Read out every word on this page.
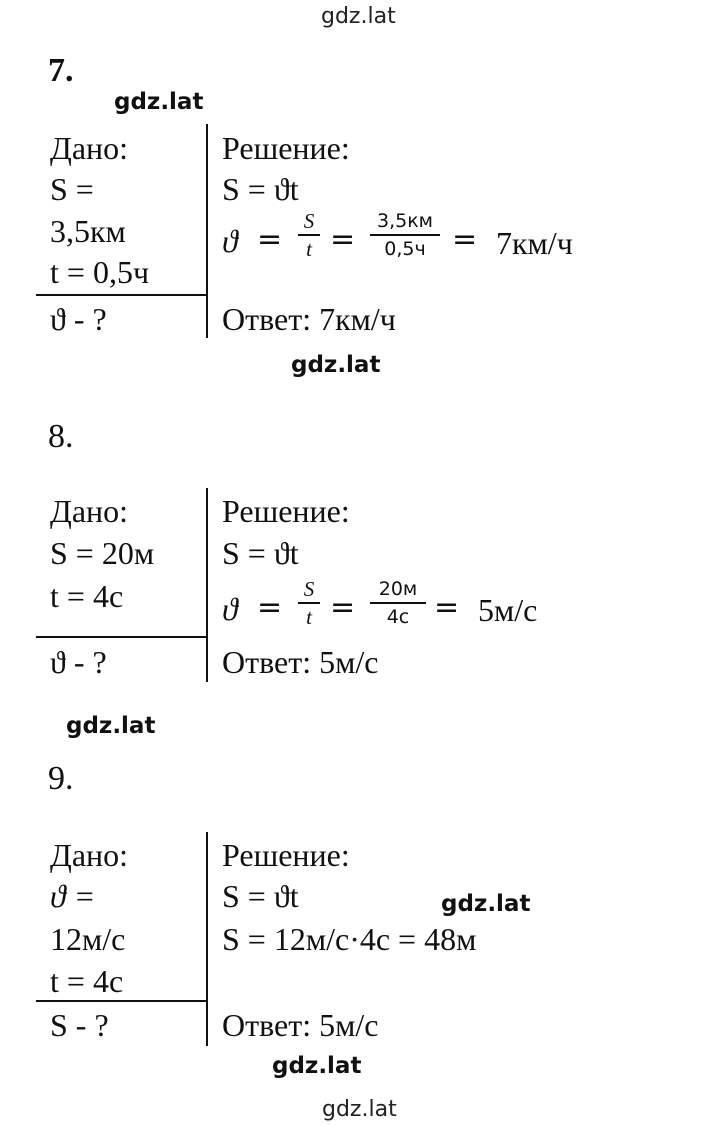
gdz.lat
gdz.lat
gdz.lat
gdz.lat
gdz.lat
gdz.lat
gdz.lat
7.
Дано:
S =
3,5км
t = 0,5ч
ϑ - ?
Решение:
S = ϑt
ϑ =
S
t =
3,5км
0,5ч = 7км/ч
Ответ: 7км/ч
8.
Дано:
S = 20м
t = 4с
ϑ - ?
Решение:
S = ϑt
ϑ =
S
t =
20м
4с = 5м/с
Ответ: 5м/с
9.
Дано:
ϑ =
12м/с
t = 4с
S - ?
Решение:
S = ϑt
S = 12м/с·4с = 48м
Ответ: 5м/с
